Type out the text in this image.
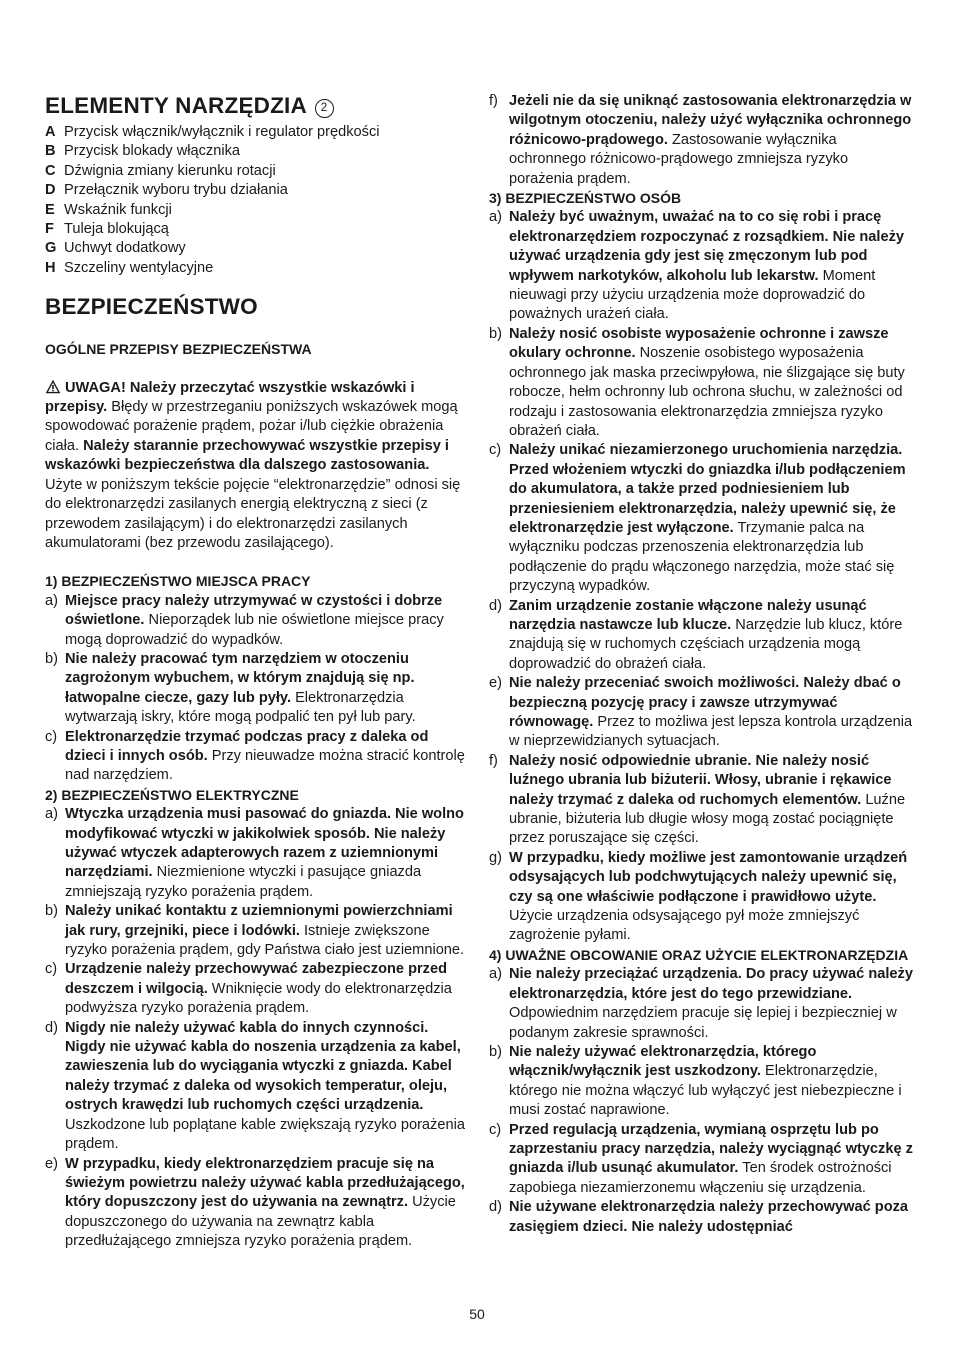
ELEMENTY NARZĘDZIA 2
A Przycisk włącznik/wyłącznik i regulator prędkości
B Przycisk blokady włącznika
C Dźwignia zmiany kierunku rotacji
D Przełącznik wyboru trybu działania
E Wskaźnik funkcji
F Tuleja blokującą
G Uchwyt dodatkowy
H Szczeliny wentylacyjne
BEZPIECZEŃSTWO
OGÓLNE PRZEPISY BEZPIECZEŃSTWA

UWAGA! Należy przeczytać wszystkie wskazówki i przepisy. Błędy w przestrzeganiu poniższych wskazówek mogą spowodować porażenie prądem, pożar i/lub ciężkie obrażenia ciała. Należy starannie przechowywać wszystkie przepisy i wskazówki bezpieczeństwa dla dalszego zastosowania. Użyte w poniższym tekście pojęcie “elektronarzędzie” odnosi się do elektronarzędzi zasilanych energią elektryczną z sieci (z przewodem zasilającym) i do elektronarzędzi zasilanych akumulatorami (bez przewodu zasilającego).

1) BEZPIECZEŃSTWO MIEJSCA PRACY
a) Miejsce pracy należy utrzymywać w czystości i dobrze oświetlone. Nieporządek lub nie oświetlone miejsce pracy mogą doprowadzić do wypadków.
b) Nie należy pracować tym narzędziem w otoczeniu zagrożonym wybuchem, w którym znajdują się np. łatwopalne ciecze, gazy lub pyły. Elektronarzędzia wytwarzają iskry, które mogą podpalić ten pył lub pary.
c) Elektronarzędzie trzymać podczas pracy z daleka od dzieci i innych osób. Przy nieuwadze można stracić kontrolę nad narzędziem.
2) BEZPIECZEŃSTWO ELEKTRYCZNE
a) Wtyczka urządzenia musi pasować do gniazda. Nie wolno modyfikować wtyczki w jakikolwiek sposób. Nie należy używać wtyczek adapterowych razem z uziemnionymi narzędziami. Niezmienione wtyczki i pasujące gniazda zmniejszają ryzyko porażenia prądem.
b) Należy unikać kontaktu z uziemnionymi powierzchniami jak rury, grzejniki, piece i lodówki. Istnieje zwiększone ryzyko porażenia prądem, gdy Państwa ciało jest uziemnione.
c) Urządzenie należy przechowywać zabezpieczone przed deszczem i wilgocią. Wniknięcie wody do elektronarzędzia podwyższa ryzyko porażenia prądem.
d) Nigdy nie należy używać kabla do innych czynności. Nigdy nie używać kabla do noszenia urządzenia za kabel, zawieszenia lub do wyciągania wtyczki z gniazda. Kabel należy trzymać z daleka od wysokich temperatur, oleju, ostrych krawędzi lub ruchomych części urządzenia. Uszkodzone lub poplątane kable zwiększają ryzyko porażenia prądem.
e) W przypadku, kiedy elektronarzędziem pracuje się na świeżym powietrzu należy używać kabla przedłużającego, który dopuszczony jest do używania na zewnątrz. Użycie dopuszczonego do używania na zewnątrz kabla przedłużającego zmniejsza ryzyko porażenia prądem.
f) Jeżeli nie da się uniknąć zastosowania elektronarzędzia w wilgotnym otoczeniu, należy użyć wyłącznika ochronnego różnicowo-prądowego. Zastosowanie wyłącznika ochronnego różnicowo-prądowego zmniejsza ryzyko porażenia prądem.
3) BEZPIECZEŃSTWO OSÓB
a) Należy być uważnym, uważać na to co się robi i pracę elektronarzędziem rozpoczynać z rozsądkiem. Nie należy używać urządzenia gdy jest się zmęczonym lub pod wpływem narkotyków, alkoholu lub lekarstw. Moment nieuwagi przy użyciu urządzenia może doprowadzić do poważnych urażeń ciała.
b) Należy nosić osobiste wyposażenie ochronne i zawsze okulary ochronne. Noszenie osobistego wyposażenia ochronnego jak maska przeciwpyłowa, nie ślizgające się buty robocze, hełm ochronny lub ochrona słuchu, w zależności od rodzaju i zastosowania elektronarzędzia zmniejsza ryzyko obrażeń ciała.
c) Należy unikać niezamierzonego uruchomienia narzędzia. Przed włożeniem wtyczki do gniazdka i/lub podłączeniem do akumulatora, a także przed podniesieniem lub przeniesieniem elektronarzędzia, należy upewnić się, że elektronarzędzie jest wyłączone. Trzymanie palca na wyłączniku podczas przenoszenia elektronarzędzia lub podłączenie do prądu włączonego narzędzia, może stać się przyczyną wypadków.
d) Zanim urządzenie zostanie włączone należy usunąć narzędzia nastawcze lub klucze. Narzędzie lub klucz, które znajdują się w ruchomych częściach urządzenia mogą doprowadzić do obrażeń ciała.
e) Nie należy przeceniać swoich możliwości. Należy dbać o bezpieczną pozycję pracy i zawsze utrzymywać równowagę. Przez to możliwa jest lepsza kontrola urządzenia w nieprzewidzianych sytuacjach.
f) Należy nosić odpowiednie ubranie. Nie należy nosić luźnego ubrania lub biżuterii. Włosy, ubranie i rękawice należy trzymać z daleka od ruchomych elementów. Luźne ubranie, biżuteria lub długie włosy mogą zostać pociągnięte przez poruszające się części.
g) W przypadku, kiedy możliwe jest zamontowanie urządzeń odsysających lub podchwytujących należy upewnić się, czy są one właściwie podłączone i prawidłowo użyte. Użycie urządzenia odsysającego pył może zmniejszyć zagrożenie pyłami.
4) UWAŻNE OBCOWANIE ORAZ UŻYCIE ELEKTRONARZĘDZIA
a) Nie należy przeciążać urządzenia. Do pracy używać należy elektronarzędzia, które jest do tego przewidziane. Odpowiednim narzędziem pracuje się lepiej i bezpieczniej w podanym zakresie sprawności.
b) Nie należy używać elektronarzędzia, którego włącznik/wyłącznik jest uszkodzony. Elektronarzędzie, którego nie można włączyć lub wyłączyć jest niebezpieczne i musi zostać naprawione.
c) Przed regulacją urządzenia, wymianą osprzętu lub po zaprzestaniu pracy narzędzia, należy wyciągnąć wtyczkę z gniazda i/lub usunąć akumulator. Ten środek ostrożności zapobiega niezamierzonemu włączeniu się urządzenia.
d) Nie używane elektronarzędzia należy przechowywać poza zasięgiem dzieci. Nie należy udostępniać
50
